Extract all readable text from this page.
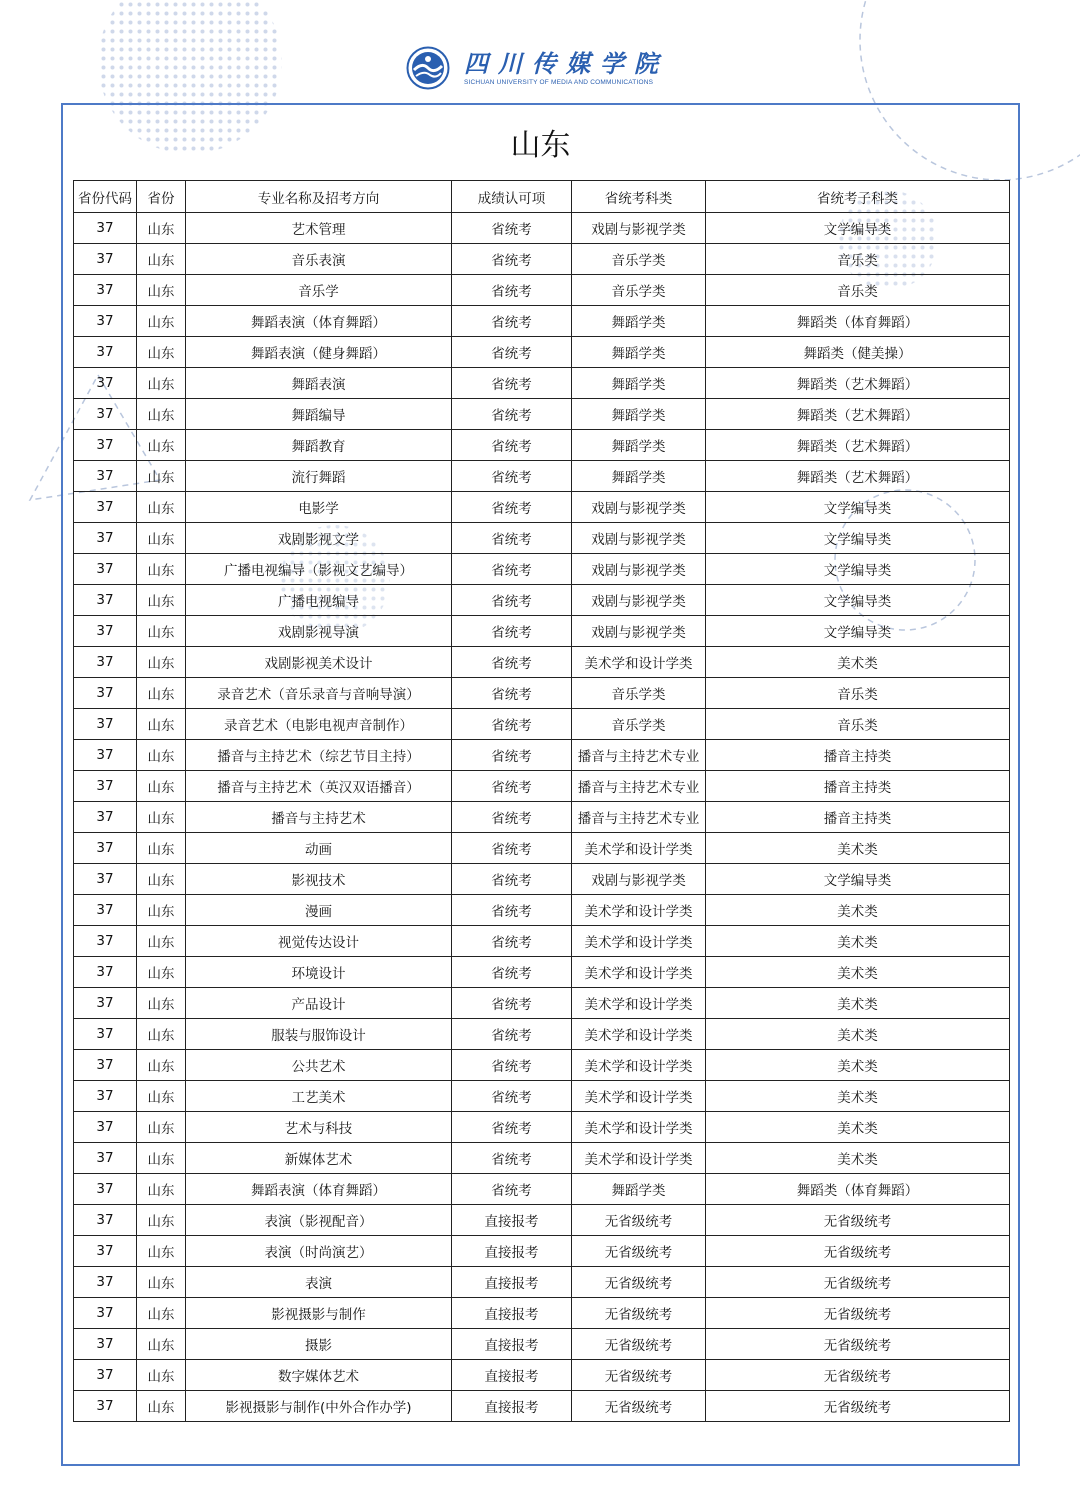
四川传媒学院
SICHUAN UNIVERSITY OF MEDIA AND COMMUNICATIONS
山东
省份代码	省份	专业名称及招考方向	成绩认可项	省统考科类	省统考子科类
37	山东	艺术管理	省统考	戏剧与影视学类	文学编导类
37	山东	音乐表演	省统考	音乐学类	音乐类
37	山东	音乐学	省统考	音乐学类	音乐类
37	山东	舞蹈表演（体育舞蹈）	省统考	舞蹈学类	舞蹈类（体育舞蹈）
37	山东	舞蹈表演（健身舞蹈）	省统考	舞蹈学类	舞蹈类（健美操）
37	山东	舞蹈表演	省统考	舞蹈学类	舞蹈类（艺术舞蹈）
37	山东	舞蹈编导	省统考	舞蹈学类	舞蹈类（艺术舞蹈）
37	山东	舞蹈教育	省统考	舞蹈学类	舞蹈类（艺术舞蹈）
37	山东	流行舞蹈	省统考	舞蹈学类	舞蹈类（艺术舞蹈）
37	山东	电影学	省统考	戏剧与影视学类	文学编导类
37	山东	戏剧影视文学	省统考	戏剧与影视学类	文学编导类
37	山东	广播电视编导（影视文艺编导）	省统考	戏剧与影视学类	文学编导类
37	山东	广播电视编导	省统考	戏剧与影视学类	文学编导类
37	山东	戏剧影视导演	省统考	戏剧与影视学类	文学编导类
37	山东	戏剧影视美术设计	省统考	美术学和设计学类	美术类
37	山东	录音艺术（音乐录音与音响导演）	省统考	音乐学类	音乐类
37	山东	录音艺术（电影电视声音制作）	省统考	音乐学类	音乐类
37	山东	播音与主持艺术（综艺节目主持）	省统考	播音与主持艺术专业	播音主持类
37	山东	播音与主持艺术（英汉双语播音）	省统考	播音与主持艺术专业	播音主持类
37	山东	播音与主持艺术	省统考	播音与主持艺术专业	播音主持类
37	山东	动画	省统考	美术学和设计学类	美术类
37	山东	影视技术	省统考	戏剧与影视学类	文学编导类
37	山东	漫画	省统考	美术学和设计学类	美术类
37	山东	视觉传达设计	省统考	美术学和设计学类	美术类
37	山东	环境设计	省统考	美术学和设计学类	美术类
37	山东	产品设计	省统考	美术学和设计学类	美术类
37	山东	服装与服饰设计	省统考	美术学和设计学类	美术类
37	山东	公共艺术	省统考	美术学和设计学类	美术类
37	山东	工艺美术	省统考	美术学和设计学类	美术类
37	山东	艺术与科技	省统考	美术学和设计学类	美术类
37	山东	新媒体艺术	省统考	美术学和设计学类	美术类
37	山东	舞蹈表演（体育舞蹈）	省统考	舞蹈学类	舞蹈类（体育舞蹈）
37	山东	表演（影视配音）	直接报考	无省级统考	无省级统考
37	山东	表演（时尚演艺）	直接报考	无省级统考	无省级统考
37	山东	表演	直接报考	无省级统考	无省级统考
37	山东	影视摄影与制作	直接报考	无省级统考	无省级统考
37	山东	摄影	直接报考	无省级统考	无省级统考
37	山东	数字媒体艺术	直接报考	无省级统考	无省级统考
37	山东	影视摄影与制作(中外合作办学)	直接报考	无省级统考	无省级统考
